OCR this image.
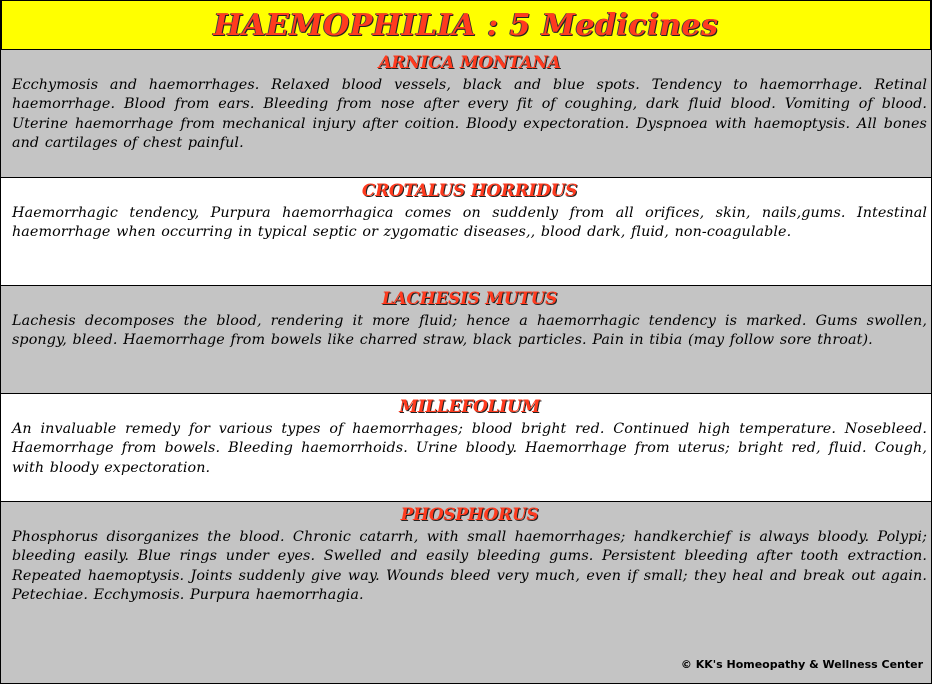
HAEMOPHILIA : 5 Medicines
ARNICA MONTANA

Ecchymosis and haemorrhages. Relaxed blood vessels, black and blue spots. Tendency to haemorrhage. Retinal haemorrhage. Blood from ears. Bleeding from nose after every fit of coughing, dark fluid blood. Vomiting of blood. Uterine haemorrhage from mechanical injury after coition. Bloody expectoration. Dyspnoea with haemoptysis. All bones and cartilages of chest painful.

CROTALUS HORRIDUS

Haemorrhagic tendency, Purpura haemorrhagica comes on suddenly from all orifices, skin, nails,gums. Intestinal haemorrhage when occurring in typical septic or zygomatic diseases,, blood dark, fluid, non-coagulable.

LACHESIS MUTUS

Lachesis decomposes the blood, rendering it more fluid; hence a haemorrhagic tendency is marked. Gums swollen, spongy, bleed. Haemorrhage from bowels like charred straw, black particles. Pain in tibia (may follow sore throat).

MILLEFOLIUM

An invaluable remedy for various types of haemorrhages; blood bright red. Continued high temperature. Nosebleed. Haemorrhage from bowels. Bleeding haemorrhoids. Urine bloody. Haemorrhage from uterus; bright red, fluid. Cough, with bloody expectoration.

PHOSPHORUS

Phosphorus disorganizes the blood. Chronic catarrh, with small haemorrhages; handkerchief is always bloody. Polypi; bleeding easily. Blue rings under eyes. Swelled and easily bleeding gums. Persistent bleeding after tooth extraction. Repeated haemoptysis. Joints suddenly give way. Wounds bleed very much, even if small; they heal and break out again. Petechiae. Ecchymosis. Purpura haemorrhagia.

© KK's Homeopathy & Wellness Center
